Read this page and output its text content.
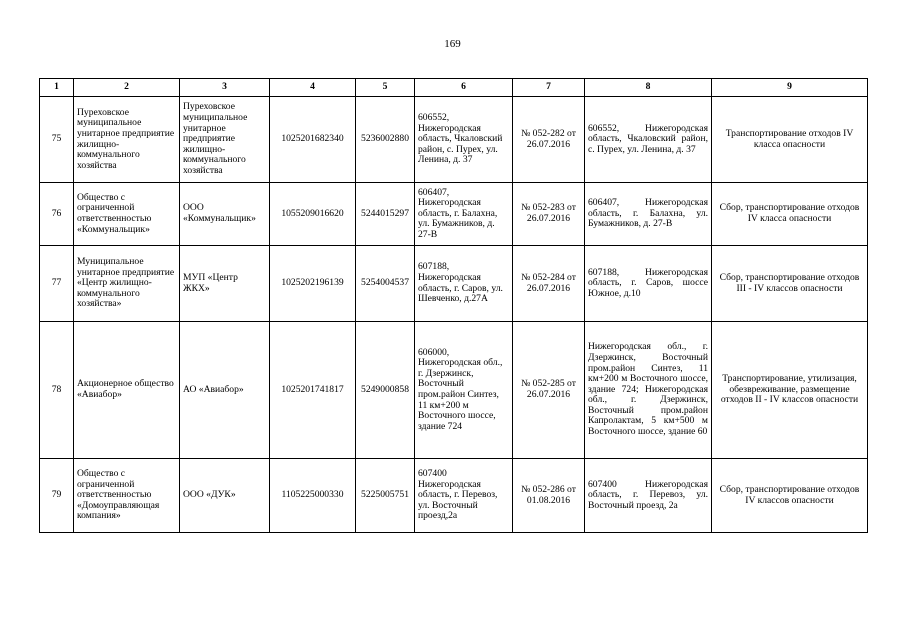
169
1	2	3	4	5	6	7	8	9
75	Пуреховское муниципальное унитарное предприятие жилищно-коммунального хозяйства	Пуреховское муниципальное унитарное предприятие жилищно-коммунального хозяйства	1025201682340	5236002880	606552, Нижегородская область, Чкаловский район, с. Пурех, ул. Ленина, д. 37	№ 052-282 от 26.07.2016	606552, Нижегородская область, Чкаловский район, с. Пурех, ул. Ленина, д. 37	Транспортирование отходов IV класса опасности
76	Общество с ограниченной ответственностью «Коммунальщик»	ООО «Коммунальщик»	1055209016620	5244015297	606407, Нижегородская область, г. Балахна, ул. Бумажников, д. 27-В	№ 052-283 от 26.07.2016	606407, Нижегородская область, г. Балахна, ул. Бумажников, д. 27-В	Сбор, транспортирование отходов IV класса опасности
77	Муниципальное унитарное предприятие «Центр жилищно-коммунального хозяйства»	МУП «Центр ЖКХ»	1025202196139	5254004537	607188, Нижегородская область, г. Саров, ул. Шевченко, д.27А	№ 052-284 от 26.07.2016	607188, Нижегородская область, г. Саров, шоссе Южное, д.10	Сбор, транспортирование отходов III - IV классов опасности
78	Акционерное общество «Авиабор»	АО «Авиабор»	1025201741817	5249000858	606000, Нижегородская обл., г. Дзержинск, Восточный пром.район Синтез, 11 км+200 м Восточного шоссе, здание 724	№ 052-285 от 26.07.2016	Нижегородская обл., г. Дзержинск, Восточный пром.район Синтез, 11 км+200 м Восточного шоссе, здание 724; Нижегородская обл., г. Дзержинск, Восточный пром.район Капролактам, 5 км+500 м Восточного шоссе, здание 60	Транспортирование, утилизация, обезвреживание, размещение отходов II - IV классов опасности
79	Общество с ограниченной ответственностью «Домоуправляющая компания»	ООО «ДУК»	1105225000330	5225005751	607400 Нижегородская область, г. Перевоз, ул. Восточный проезд,2а	№ 052-286 от 01.08.2016	607400 Нижегородская область, г. Перевоз, ул. Восточный проезд, 2а	Сбор, транспортирование отходов IV классов опасности
